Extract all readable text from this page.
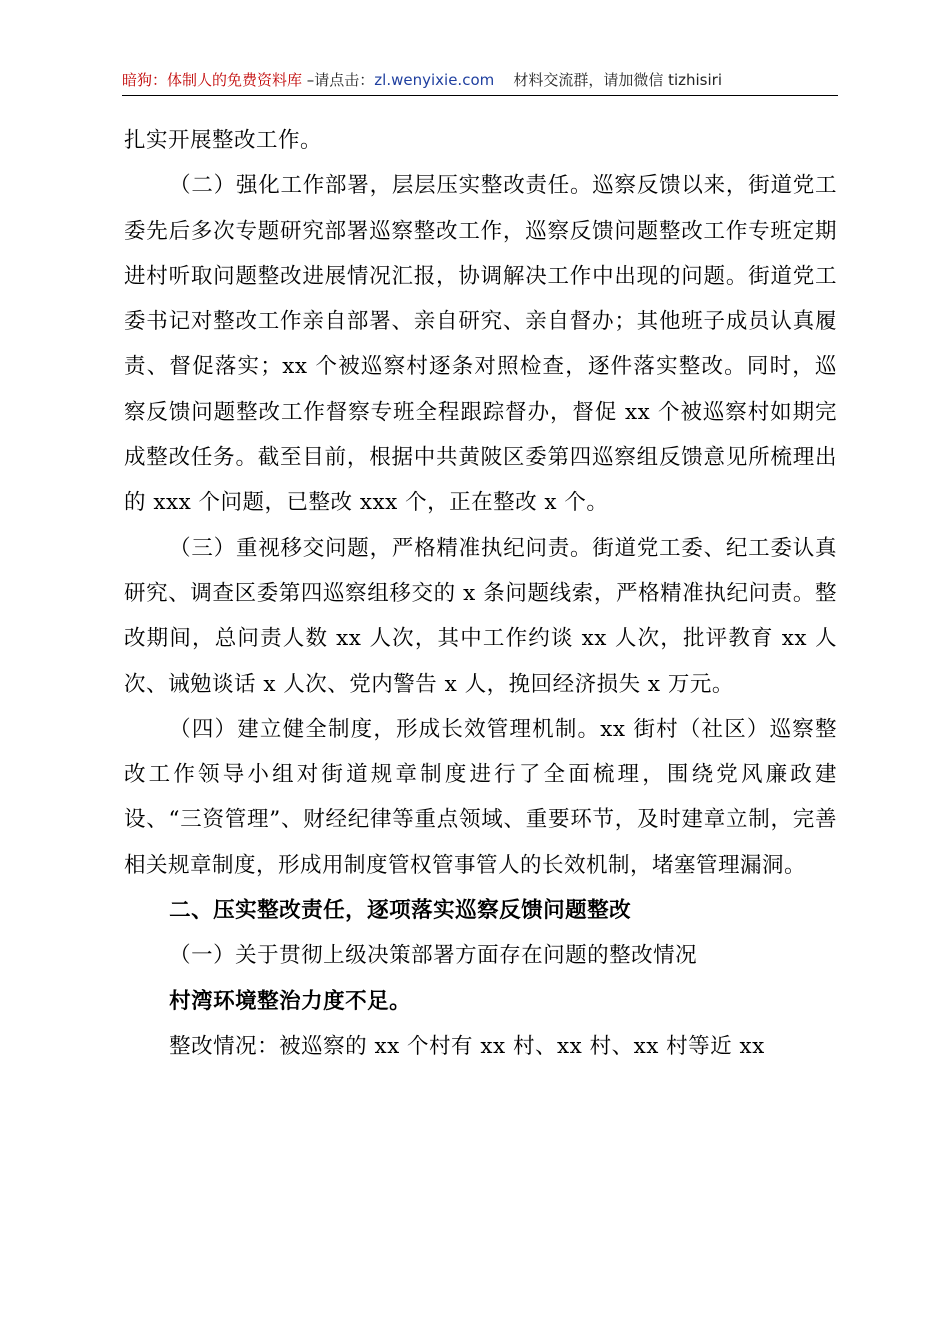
暗狗：体制人的免费资料库 –请点击：zl.wenyixie.com 材料交流群，请加微信 tizhisiri

扎实开展整改工作。

（二）强化工作部署，层层压实整改责任。巡察反馈以来，街道党工委先后多次专题研究部署巡察整改工作，巡察反馈问题整改工作专班定期进村听取问题整改进展情况汇报，协调解决工作中出现的问题。街道党工委书记对整改工作亲自部署、亲自研究、亲自督办；其他班子成员认真履责、督促落实；xx 个被巡察村逐条对照检查，逐件落实整改。同时，巡察反馈问题整改工作督察专班全程跟踪督办，督促 xx 个被巡察村如期完成整改任务。截至目前，根据中共黄陂区委第四巡察组反馈意见所梳理出的 xxx 个问题，已整改 xxx 个，正在整改 x 个。

（三）重视移交问题，严格精准执纪问责。街道党工委、纪工委认真研究、调查区委第四巡察组移交的 x 条问题线索，严格精准执纪问责。整改期间，总问责人数 xx 人次，其中工作约谈 xx 人次，批评教育 xx 人次、诫勉谈话 x 人次、党内警告 x 人，挽回经济损失 x 万元。

（四）建立健全制度，形成长效管理机制。xx 街村（社区）巡察整改工作领导小组对街道规章制度进行了全面梳理，围绕党风廉政建设、“三资管理”、财经纪律等重点领域、重要环节，及时建章立制，完善相关规章制度，形成用制度管权管事管人的长效机制，堵塞管理漏洞。

二、压实整改责任，逐项落实巡察反馈问题整改

（一）关于贯彻上级决策部署方面存在问题的整改情况

村湾环境整治力度不足。

整改情况：被巡察的 xx 个村有 xx 村、xx 村、xx 村等近 xx
